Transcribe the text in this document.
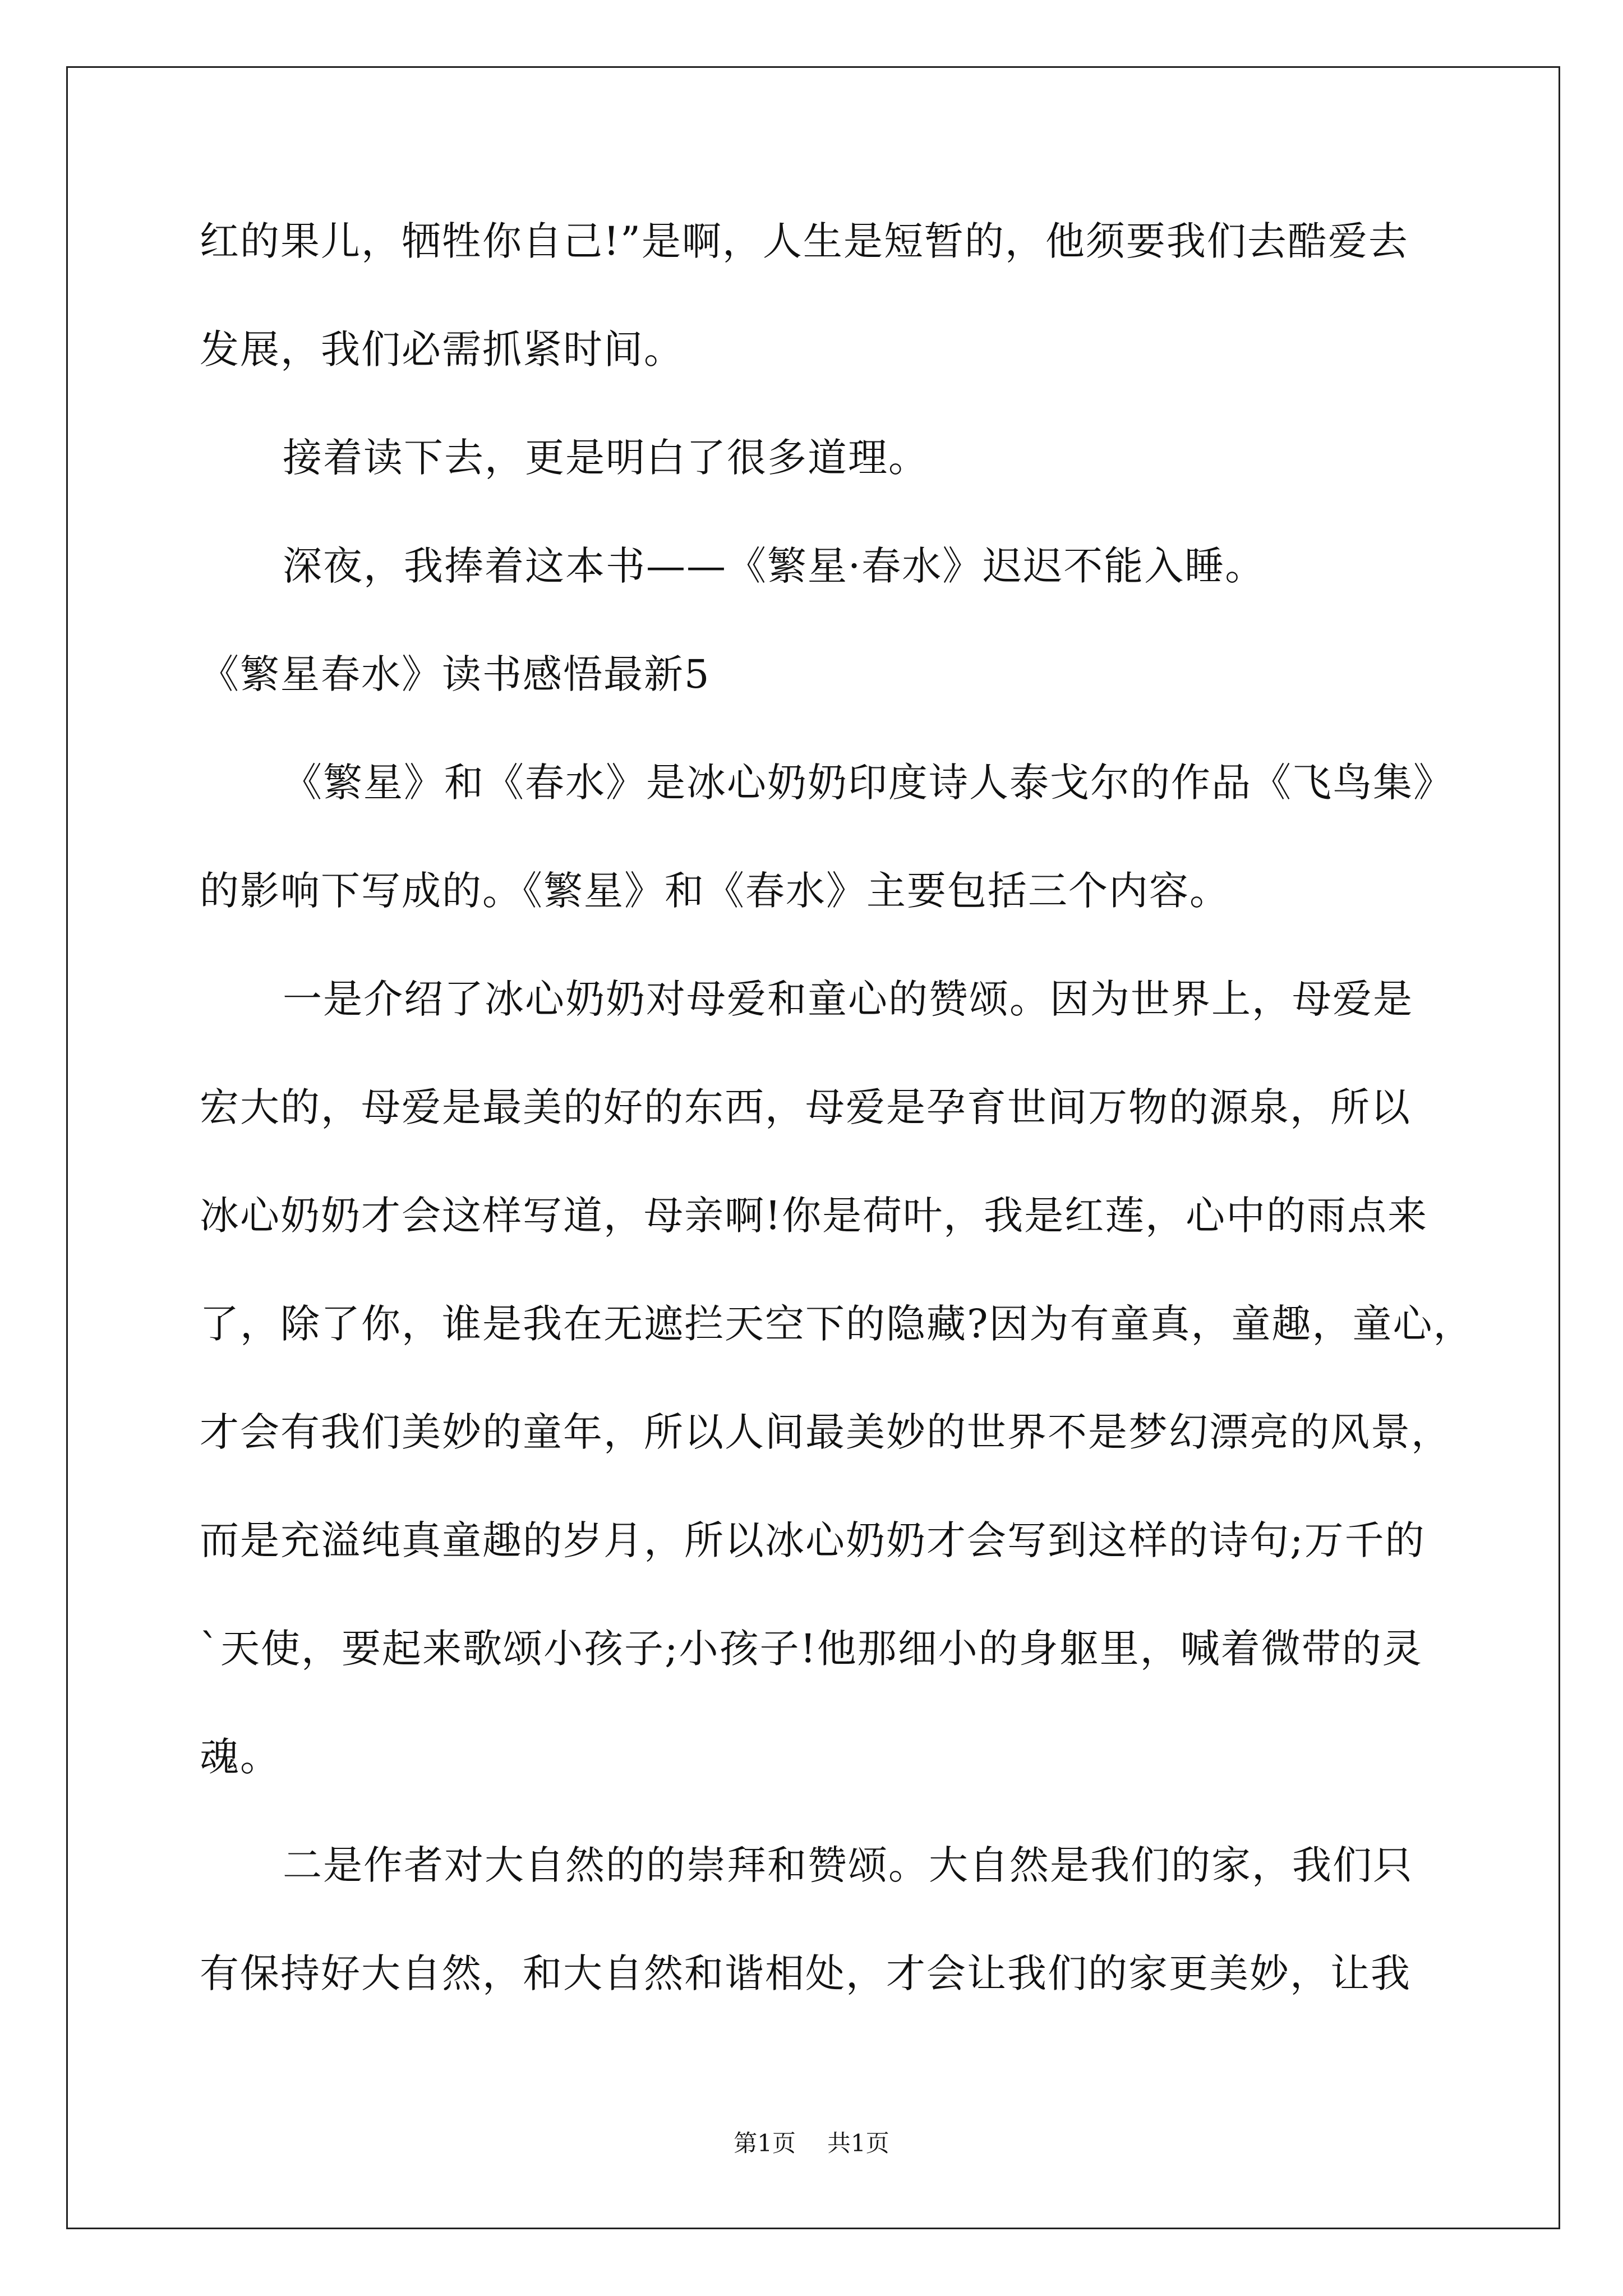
红的果儿，牺牲你自己!”是啊，人生是短暂的，他须要我们去酷爱去
发展，我们必需抓紧时间。
接着读下去，更是明白了很多道理。
深夜，我捧着这本书——《繁星·春水》迟迟不能入睡。
《繁星春水》读书感悟最新5
《繁星》和《春水》是冰心奶奶印度诗人泰戈尔的作品《飞鸟集》
的影响下写成的。《繁星》和《春水》主要包括三个内容。
一是介绍了冰心奶奶对母爱和童心的赞颂。因为世界上，母爱是
宏大的，母爱是最美的好的东西，母爱是孕育世间万物的源泉，所以
冰心奶奶才会这样写道，母亲啊!你是荷叶，我是红莲，心中的雨点来
了，除了你，谁是我在无遮拦天空下的隐藏?因为有童真，童趣，童心，
才会有我们美妙的童年，所以人间最美妙的世界不是梦幻漂亮的风景，
而是充溢纯真童趣的岁月，所以冰心奶奶才会写到这样的诗句;万千的
`天使，要起来歌颂小孩子;小孩子!他那细小的身躯里，喊着微带的灵
魂。
二是作者对大自然的的崇拜和赞颂。大自然是我们的家，我们只
有保持好大自然，和大自然和谐相处，才会让我们的家更美妙，让我
第1页 共1页
